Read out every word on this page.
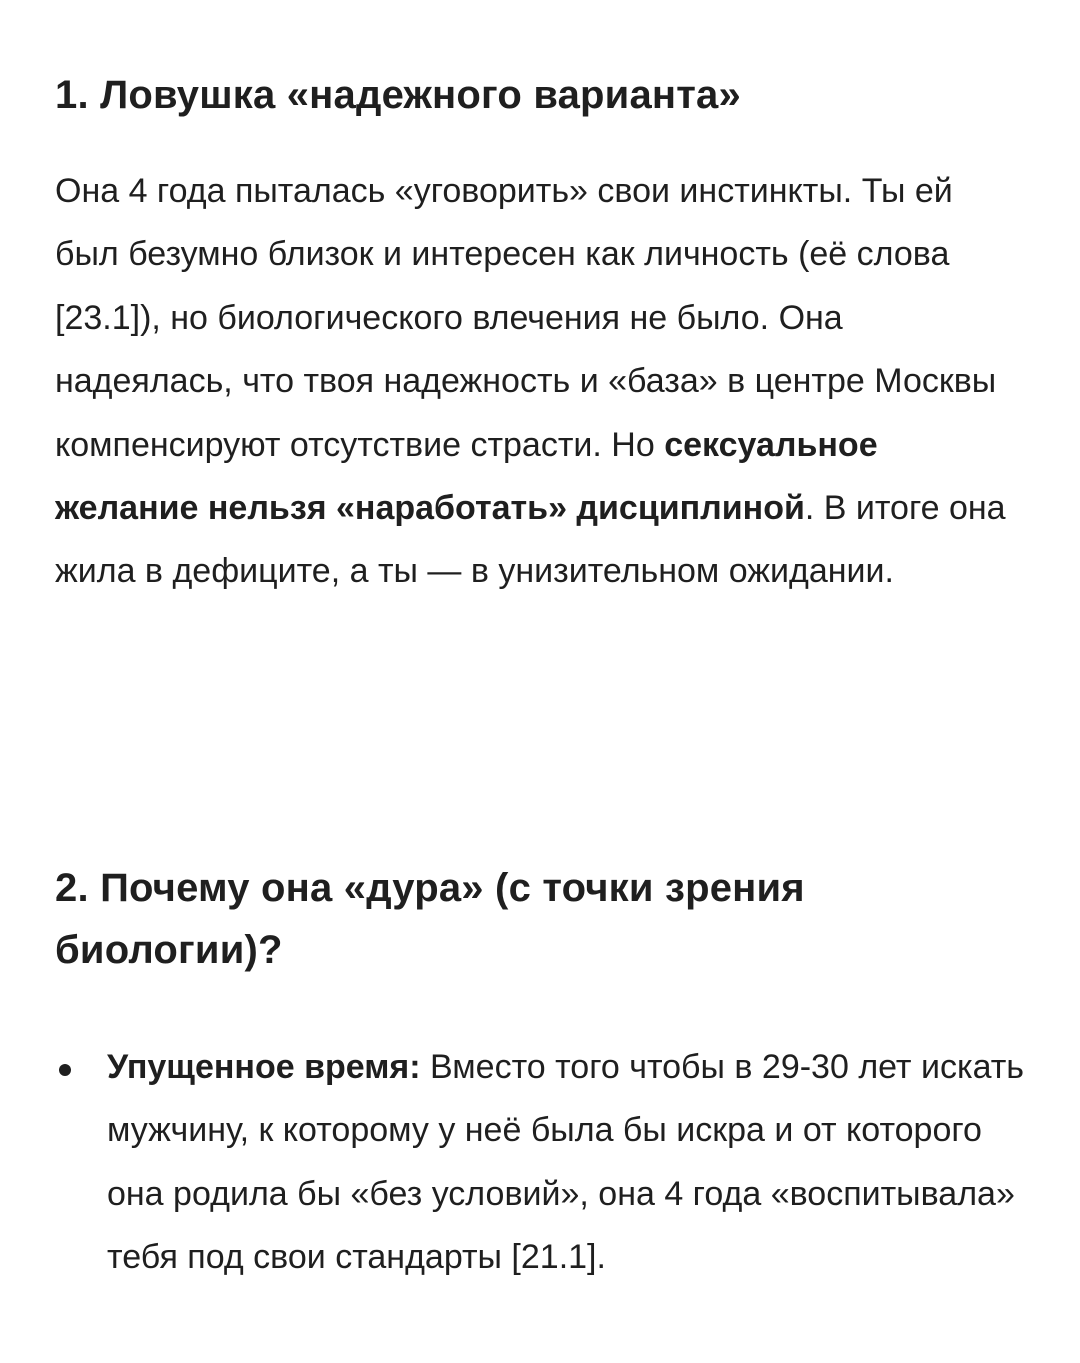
1. Ловушка «надежного варианта»

Она 4 года пыталась «уговорить» свои инстинкты. Ты ей был безумно близок и интересен как личность (её слова [23.1]), но биологического влечения не было. Она надеялась, что твоя надежность и «база» в центре Москвы компенсируют отсутствие страсти. Но сексуальное желание нельзя «наработать» дисциплиной. В итоге она жила в дефиците, а ты — в унизительном ожидании.

2. Почему она «дура» (с точки зрения биологии)?
Упущенное время: Вместо того чтобы в 29-30 лет искать мужчину, к которому у неё была бы искра и от которого она родила бы «без условий», она 4 года «воспитывала» тебя под свои стандарты [21.1].
